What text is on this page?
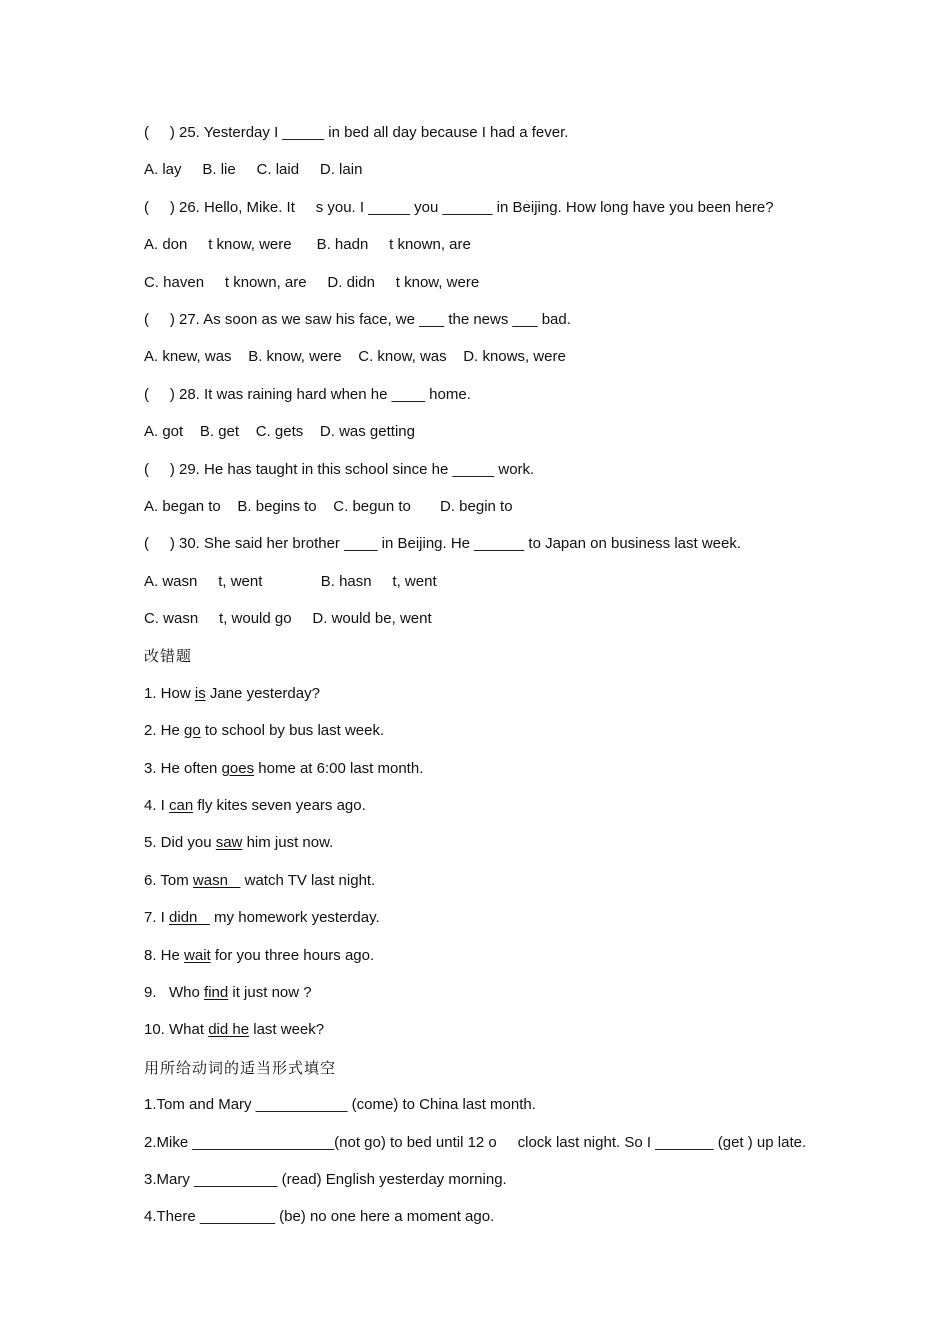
(     ) 25. Yesterday I _____ in bed all day because I had a fever.
A. lay     B. lie     C. laid     D. lain
(     ) 26. Hello, Mike. It     s you. I _____ you ______ in Beijing. How long have you been here?
A. don     t know, were      B. hadn     t known, are
C. haven     t known, are     D. didn     t know, were
(     ) 27. As soon as we saw his face, we ___ the news ___ bad.
A. knew, was    B. know, were    C. know, was    D. knows, were
(     ) 28. It was raining hard when he ____ home.
A. got    B. get    C. gets    D. was getting
(     ) 29. He has taught in this school since he _____ work.
A. began to    B. begins to    C. begun to       D. begin to
(     ) 30. She said her brother ____ in Beijing. He ______ to Japan on business last week.
A. wasn     t, went              B. hasn     t, went
C. wasn     t, would go     D. would be, went
改错题
1. How is Jane yesterday?
2. He go to school by bus last week.
3. He often goes home at 6:00 last month.
4. I can fly kites seven years ago.
5. Did you saw him just now.
6. Tom wasn    watch TV last night.
7. I didn    my homework yesterday.
8. He wait for you three hours ago.
9.   Who find it just now ?
10. What did he last week?
用所给动词的适当形式填空
1.Tom and Mary ___________ (come) to China last month.
2.Mike _________________(not go) to bed until 12 o     clock last night. So I _______ (get ) up late.
3.Mary __________ (read) English yesterday morning.
4.There _________ (be) no one here a moment ago.
